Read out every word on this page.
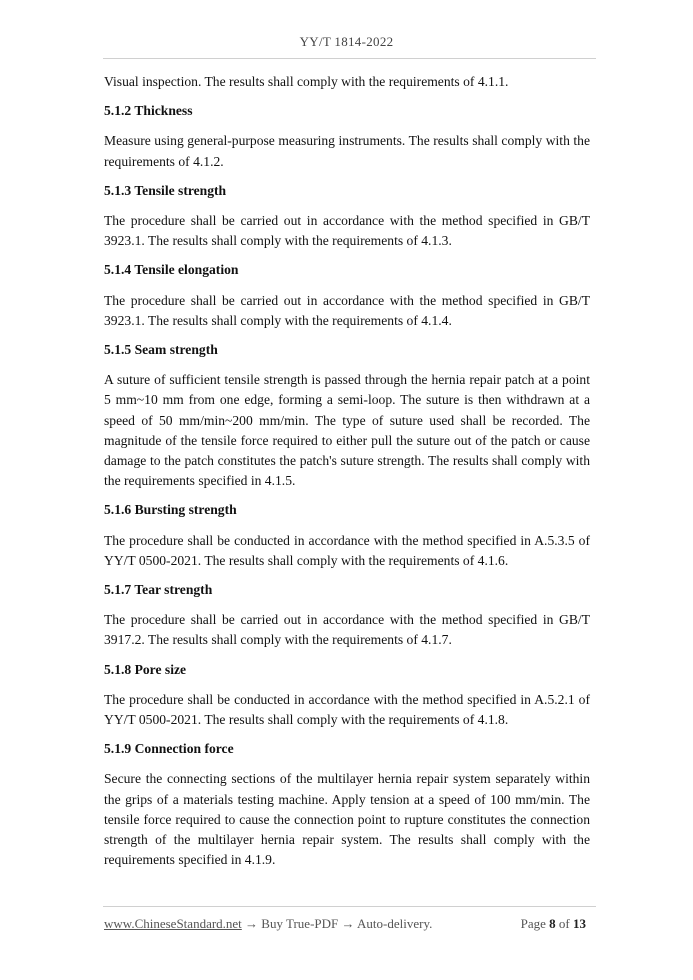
YY/T 1814-2022

Visual inspection. The results shall comply with the requirements of 4.1.1.

5.1.2 Thickness

Measure using general-purpose measuring instruments. The results shall comply with the requirements of 4.1.2.

5.1.3 Tensile strength

The procedure shall be carried out in accordance with the method specified in GB/T 3923.1. The results shall comply with the requirements of 4.1.3.

5.1.4 Tensile elongation

The procedure shall be carried out in accordance with the method specified in GB/T 3923.1. The results shall comply with the requirements of 4.1.4.

5.1.5 Seam strength

A suture of sufficient tensile strength is passed through the hernia repair patch at a point 5 mm~10 mm from one edge, forming a semi-loop. The suture is then withdrawn at a speed of 50 mm/min~200 mm/min. The type of suture used shall be recorded. The magnitude of the tensile force required to either pull the suture out of the patch or cause damage to the patch constitutes the patch's suture strength. The results shall comply with the requirements specified in 4.1.5.

5.1.6 Bursting strength

The procedure shall be conducted in accordance with the method specified in A.5.3.5 of YY/T 0500-2021. The results shall comply with the requirements of 4.1.6.

5.1.7 Tear strength

The procedure shall be carried out in accordance with the method specified in GB/T 3917.2. The results shall comply with the requirements of 4.1.7.

5.1.8 Pore size

The procedure shall be conducted in accordance with the method specified in A.5.2.1 of YY/T 0500-2021. The results shall comply with the requirements of 4.1.8.

5.1.9 Connection force

Secure the connecting sections of the multilayer hernia repair system separately within the grips of a materials testing machine. Apply tension at a speed of 100 mm/min. The tensile force required to cause the connection point to rupture constitutes the connection strength of the multilayer hernia repair system. The results shall comply with the requirements specified in 4.1.9.

www.ChineseStandard.net → Buy True-PDF → Auto-delivery.	Page 8 of 13
